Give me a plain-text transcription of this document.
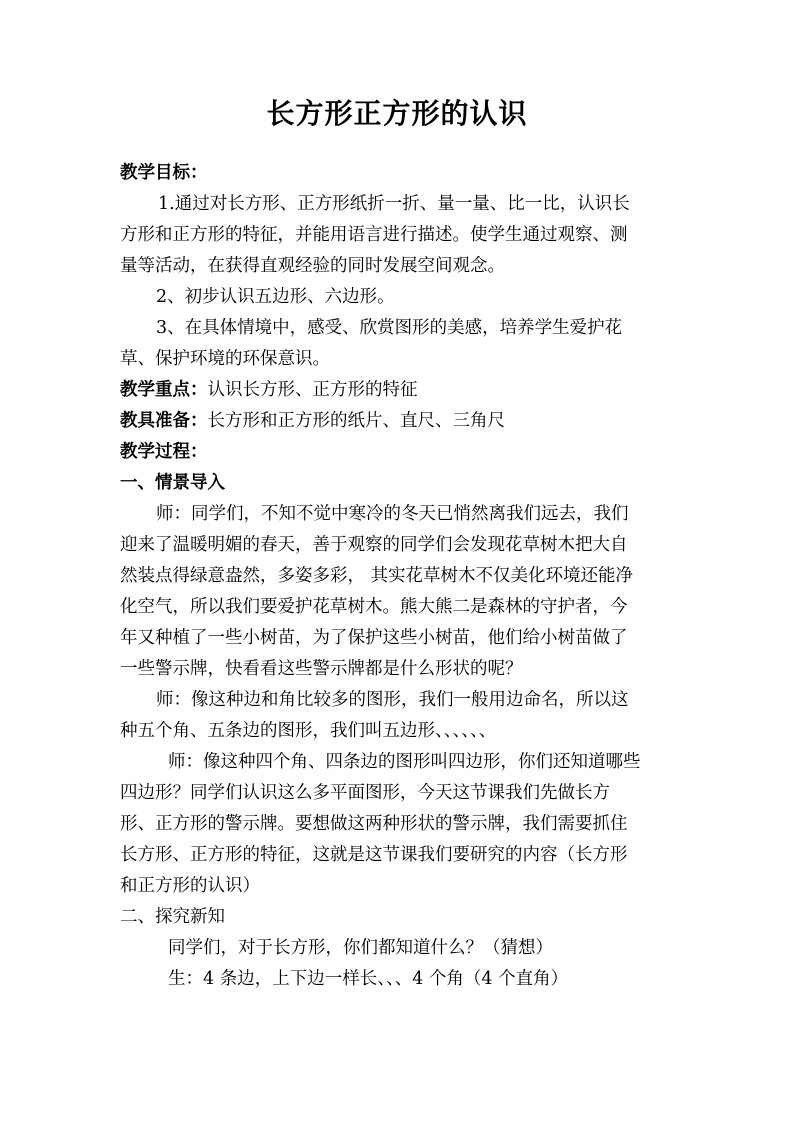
长方形正方形的认识
教学目标：
1.通过对长方形、正方形纸折一折、量一量、比一比，认识长
方形和正方形的特征，并能用语言进行描述。使学生通过观察、测
量等活动，在获得直观经验的同时发展空间观念。
2、初步认识五边形、六边形。
3、在具体情境中，感受、欣赏图形的美感，培养学生爱护花
草、保护环境的环保意识。
教学重点：认识长方形、正方形的特征
教具准备：长方形和正方形的纸片、直尺、三角尺
教学过程：
一、情景导入
师：同学们，不知不觉中寒冷的冬天已悄然离我们远去，我们
迎来了温暖明媚的春天，善于观察的同学们会发现花草树木把大自
然装点得绿意盎然，多姿多彩， 其实花草树木不仅美化环境还能净
化空气，所以我们要爱护花草树木。熊大熊二是森林的守护者，今
年又种植了一些小树苗，为了保护这些小树苗，他们给小树苗做了
一些警示牌，快看看这些警示牌都是什么形状的呢？
师：像这种边和角比较多的图形，我们一般用边命名，所以这
种五个角、五条边的图形，我们叫五边形、、、、、、
师：像这种四个角、四条边的图形叫四边形，你们还知道哪些
四边形？同学们认识这么多平面图形，今天这节课我们先做长方
形、正方形的警示牌。要想做这两种形状的警示牌，我们需要抓住
长方形、正方形的特征，这就是这节课我们要研究的内容（长方形
和正方形的认识）
二、探究新知
同学们，对于长方形，你们都知道什么？（猜想）
生：4 条边，上下边一样长、、、4 个角（4 个直角）
